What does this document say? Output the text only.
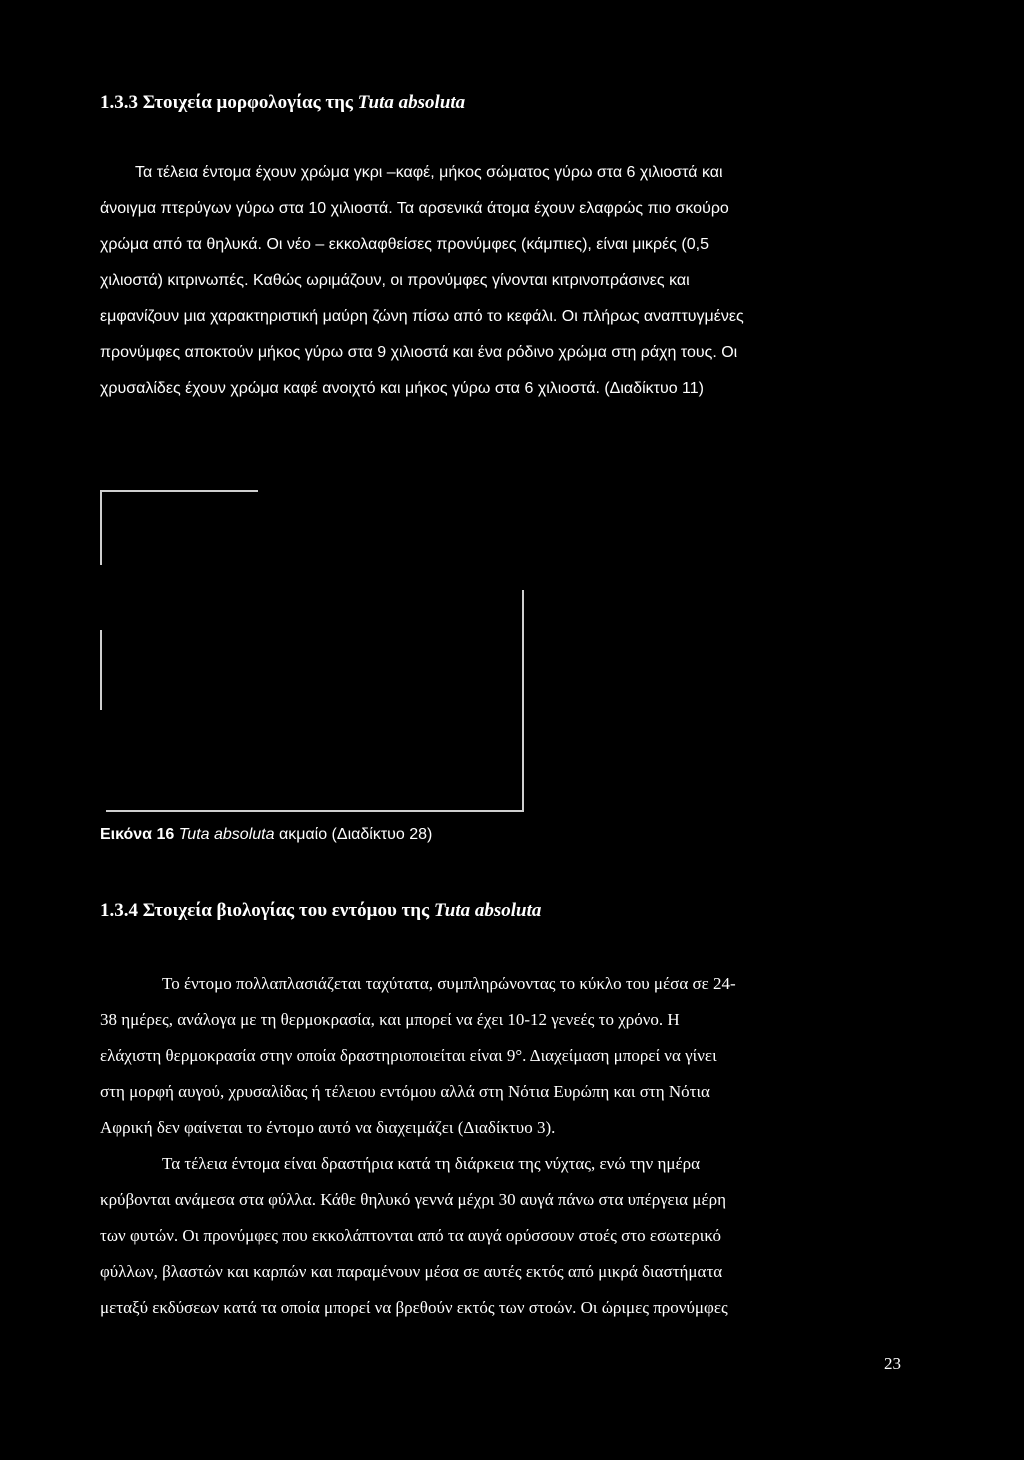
1.3.3 Στοιχεία μορφολογίας της Tuta absoluta
Τα τέλεια έντομα έχουν χρώμα γκρι –καφέ, μήκος σώματος γύρω στα 6 χιλιοστά και
άνοιγμα πτερύγων γύρω στα 10 χιλιοστά. Τα αρσενικά άτομα έχουν ελαφρώς πιο σκούρο
χρώμα από τα θηλυκά. Οι νέο – εκκολαφθείσες προνύμφες (κάμπιες), είναι μικρές (0,5
χιλιοστά) κιτρινωπές. Καθώς ωριμάζουν, οι προνύμφες γίνονται κιτρινοπράσινες και
εμφανίζουν μια χαρακτηριστική μαύρη ζώνη πίσω από το κεφάλι. Οι πλήρως αναπτυγμένες
προνύμφες αποκτούν μήκος γύρω στα 9 χιλιοστά και ένα ρόδινο χρώμα στη ράχη τους. Οι
χρυσαλίδες έχουν χρώμα καφέ ανοιχτό και μήκος γύρω στα 6 χιλιοστά. (Διαδίκτυο 11)
Εικόνα 16 Tuta absoluta ακμαίο (Διαδίκτυο 28)
1.3.4 Στοιχεία βιολογίας του εντόμου της Tuta absoluta
Το έντομο πολλαπλασιάζεται ταχύτατα, συμπληρώνοντας το κύκλο του μέσα σε 24-
38 ημέρες, ανάλογα με τη θερμοκρασία, και μπορεί να έχει 10-12 γενεές το χρόνο. Η
ελάχιστη θερμοκρασία στην οποία δραστηριοποιείται είναι 9°. Διαχείμαση μπορεί να γίνει
στη μορφή αυγού, χρυσαλίδας ή τέλειου εντόμου αλλά στη Νότια Ευρώπη και στη Νότια
Αφρική δεν φαίνεται το έντομο αυτό να διαχειμάζει (Διαδίκτυο 3).
Τα τέλεια έντομα είναι δραστήρια κατά τη διάρκεια της νύχτας, ενώ την ημέρα
κρύβονται ανάμεσα στα φύλλα. Κάθε θηλυκό γεννά μέχρι 30 αυγά πάνω στα υπέργεια μέρη
των φυτών. Οι προνύμφες που εκκολάπτονται από τα αυγά ορύσσουν στοές στο εσωτερικό
φύλλων, βλαστών και καρπών και παραμένουν μέσα σε αυτές εκτός από μικρά διαστήματα
μεταξύ εκδύσεων κατά τα οποία μπορεί να βρεθούν εκτός των στοών. Οι ώριμες προνύμφες
23
